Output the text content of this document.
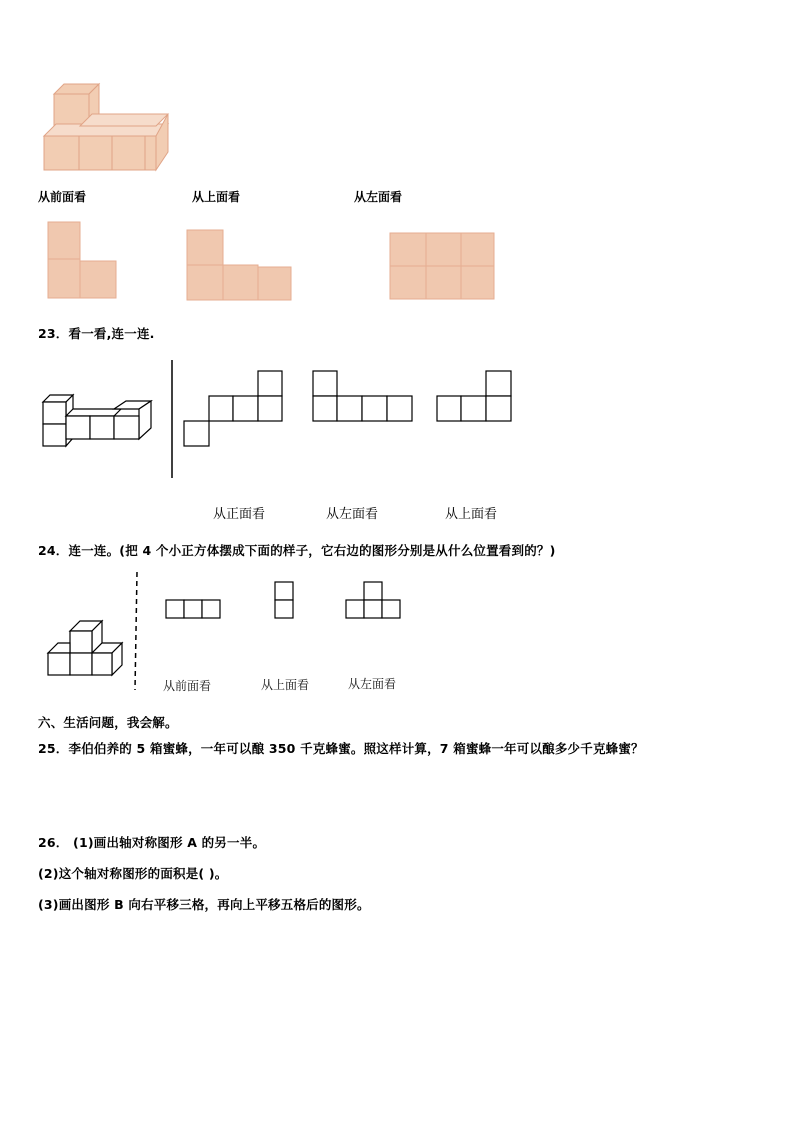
从前面看	从上面看	从左面看
23．看一看,连一连.
从正面看	从左面看	从上面看
24．连一连。(把 4 个小正方体摆成下面的样子，它右边的图形分别是从什么位置看到的？)
从前面看	从上面看	从左面看
六、生活问题，我会解。
25．李伯伯养的 5 箱蜜蜂，一年可以酿 350 千克蜂蜜。照这样计算，7 箱蜜蜂一年可以酿多少千克蜂蜜？
26． (1)画出轴对称图形 A 的另一半。
(2)这个轴对称图形的面积是( )。
(3)画出图形 B 向右平移三格，再向上平移五格后的图形。
